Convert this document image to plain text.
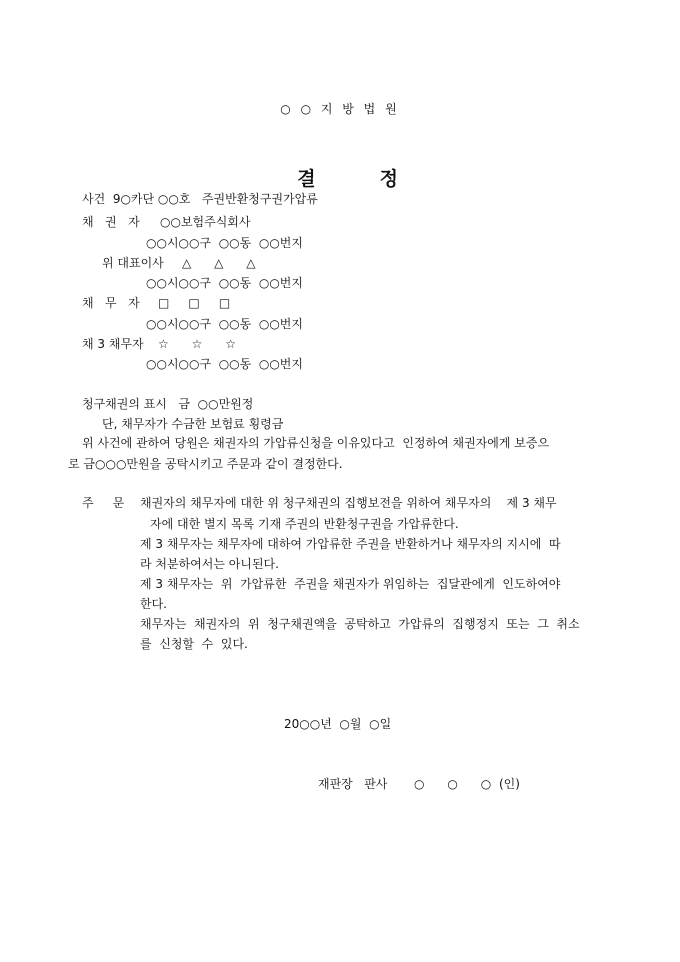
○ ○ 지 방 법 원

결	정

사건  9○카단 ○○호   주권반환청구권가압류
채   권   자 ○○보험주식회사
○○시○○구  ○○동  ○○번지
위 대표이사 △      △      △
○○시○○구  ○○동  ○○번지
채   무   자 □     □     □
○○시○○구  ○○동  ○○번지
채 3 채무자 ☆      ☆      ☆
○○시○○구  ○○동  ○○번지
청구채권의 표시   금  ○○만원정
단, 채무자가 수금한 보험료 횡령금
위 사건에 관하여 당원은 채권자의 가압류신청을 이유있다고  인정하여 채권자에게 보증으
로 금○○○만원을 공탁시키고 주문과 같이 결정한다.
주     문 채권자의 채무자에 대한 위 청구채권의 집행보전을 위하여 채무자의    제 3 채무
자에 대한 별지 목록 기재 주권의 반환청구권을 가압류한다.
제 3 채무자는 채무자에 대하여 가압류한 주권을 반환하거나 채무자의 지시에  따
라 처분하여서는 아니된다.
제 3 채무자는  위  가압류한  주권을 채권자가 위임하는  집달관에게  인도하여야
한다.
채무자는  채권자의  위  청구채권액을  공탁하고  가압류의  집행정지  또는  그  취소
를  신청할  수  있다.
20○○년  ○월  ○일
재판장   판사 ○      ○      ○ (인)
